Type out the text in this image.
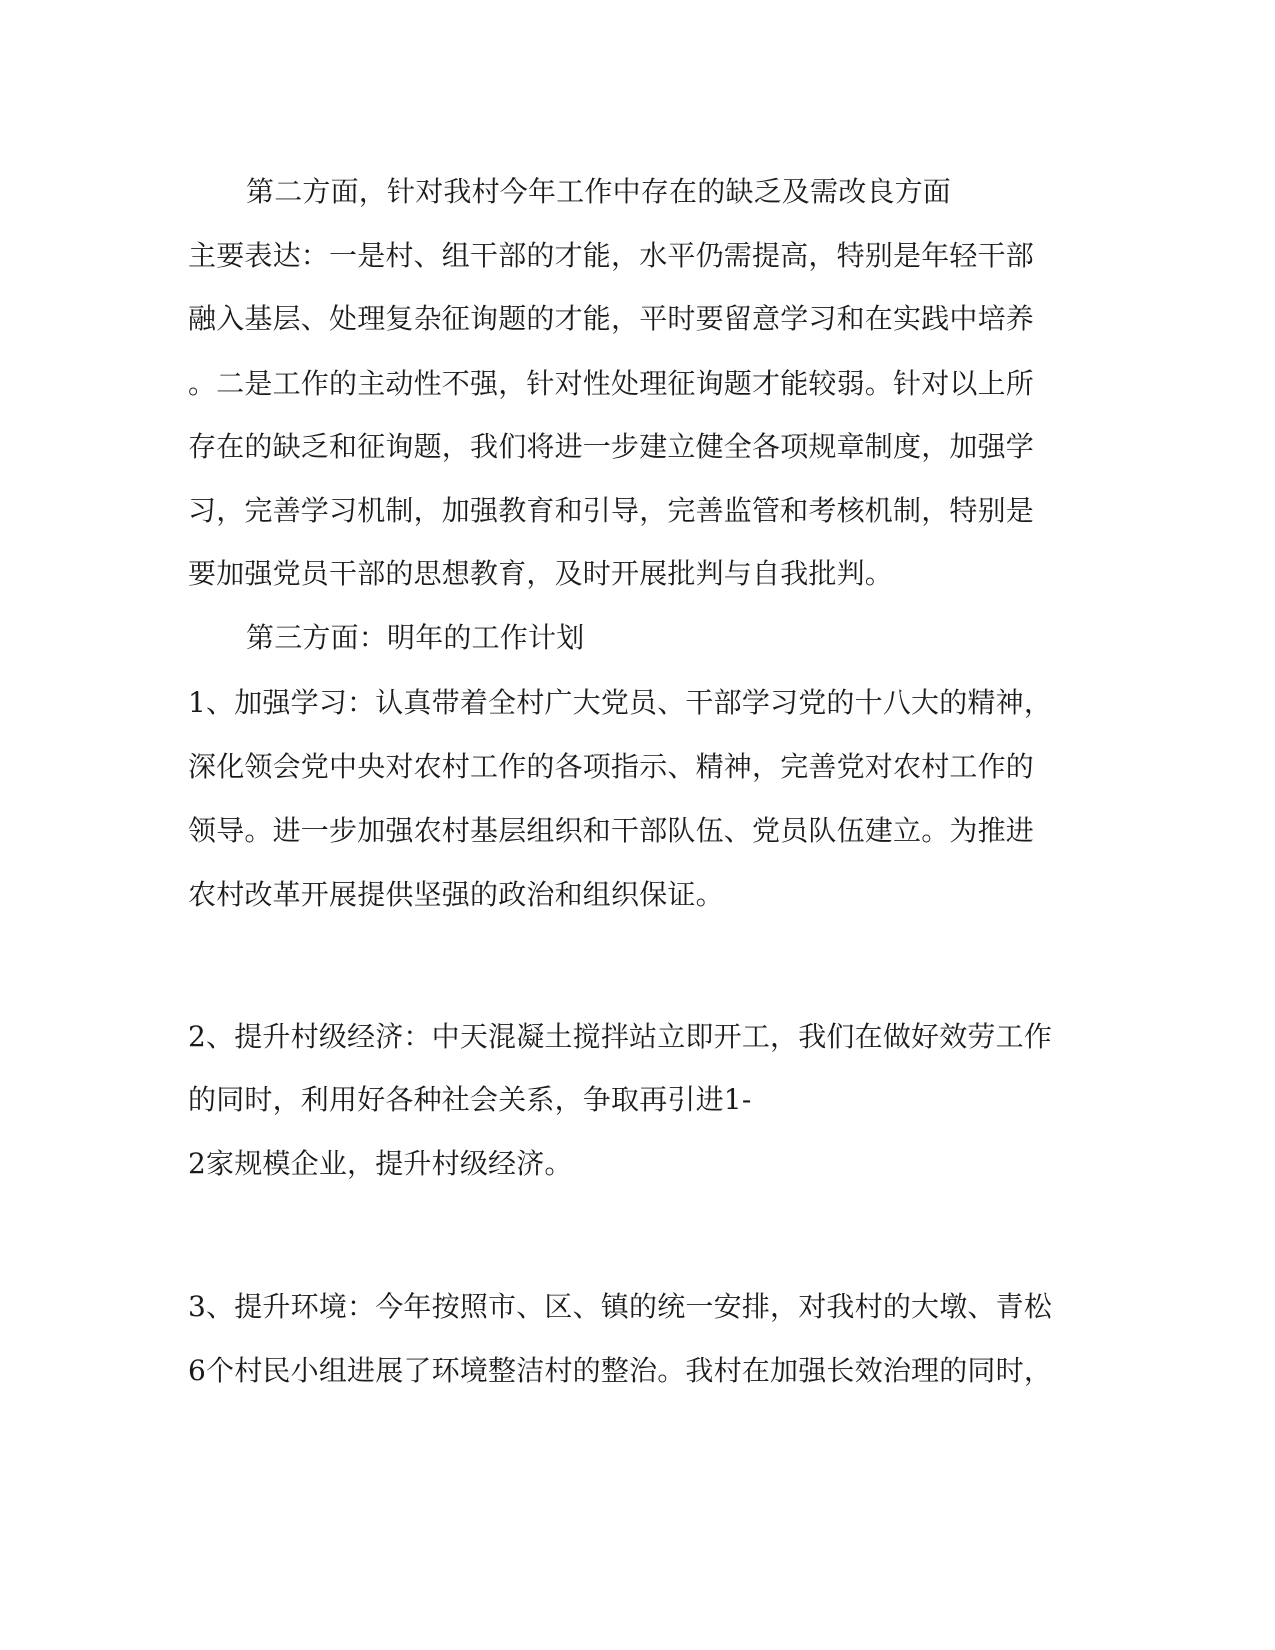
第二方面，针对我村今年工作中存在的缺乏及需改良方面
主要表达：一是村、组干部的才能，水平仍需提高，特别是年轻干部
融入基层、处理复杂征询题的才能，平时要留意学习和在实践中培养
。二是工作的主动性不强，针对性处理征询题才能较弱。针对以上所
存在的缺乏和征询题，我们将进一步建立健全各项规章制度，加强学
习，完善学习机制，加强教育和引导，完善监管和考核机制，特别是
要加强党员干部的思想教育，及时开展批判与自我批判。
第三方面：明年的工作计划
1、加强学习：认真带着全村广大党员、干部学习党的十八大的精神，
深化领会党中央对农村工作的各项指示、精神，完善党对农村工作的
领导。进一步加强农村基层组织和干部队伍、党员队伍建立。为推进
农村改革开展提供坚强的政治和组织保证。
2、提升村级经济：中天混凝土搅拌站立即开工，我们在做好效劳工作
的同时，利用好各种社会关系，争取再引进1-
2家规模企业，提升村级经济。
3、提升环境：今年按照市、区、镇的统一安排，对我村的大墩、青松
6个村民小组进展了环境整洁村的整治。我村在加强长效治理的同时，
